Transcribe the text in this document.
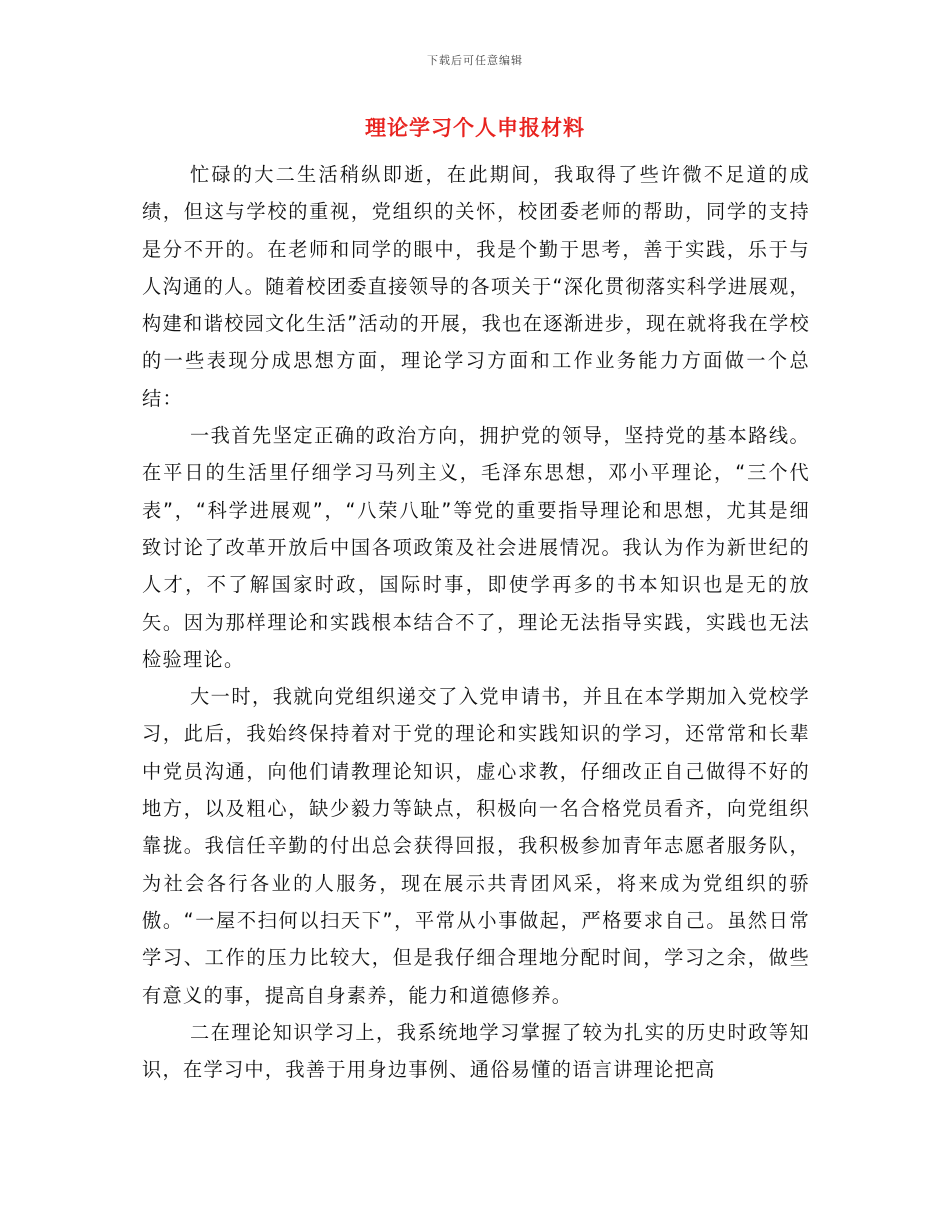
下载后可任意编辑
理论学习个人申报材料

忙碌的大二生活稍纵即逝，在此期间，我取得了些许微不足道的成绩，但这与学校的重视，党组织的关怀，校团委老师的帮助，同学的支持是分不开的。在老师和同学的眼中，我是个勤于思考，善于实践，乐于与人沟通的人。随着校团委直接领导的各项关于“深化贯彻落实科学进展观，构建和谐校园文化生活”活动的开展，我也在逐渐进步，现在就将我在学校的一些表现分成思想方面，理论学习方面和工作业务能力方面做一个总结：

一我首先坚定正确的政治方向，拥护党的领导，坚持党的基本路线。在平日的生活里仔细学习马列主义，毛泽东思想，邓小平理论，“三个代表”，“科学进展观”，“八荣八耻”等党的重要指导理论和思想，尤其是细致讨论了改革开放后中国各项政策及社会进展情况。我认为作为新世纪的人才，不了解国家时政，国际时事，即使学再多的书本知识也是无的放矢。因为那样理论和实践根本结合不了，理论无法指导实践，实践也无法检验理论。

大一时，我就向党组织递交了入党申请书，并且在本学期加入党校学习，此后，我始终保持着对于党的理论和实践知识的学习，还常常和长辈中党员沟通，向他们请教理论知识，虚心求教，仔细改正自己做得不好的地方，以及粗心，缺少毅力等缺点，积极向一名合格党员看齐，向党组织靠拢。我信任辛勤的付出总会获得回报，我积极参加青年志愿者服务队，为社会各行各业的人服务，现在展示共青团风采，将来成为党组织的骄傲。“一屋不扫何以扫天下”，平常从小事做起，严格要求自己。虽然日常学习、工作的压力比较大，但是我仔细合理地分配时间，学习之余，做些有意义的事，提高自身素养，能力和道德修养。

二在理论知识学习上，我系统地学习掌握了较为扎实的历史时政等知识，在学习中，我善于用身边事例、通俗易懂的语言讲理论把高
